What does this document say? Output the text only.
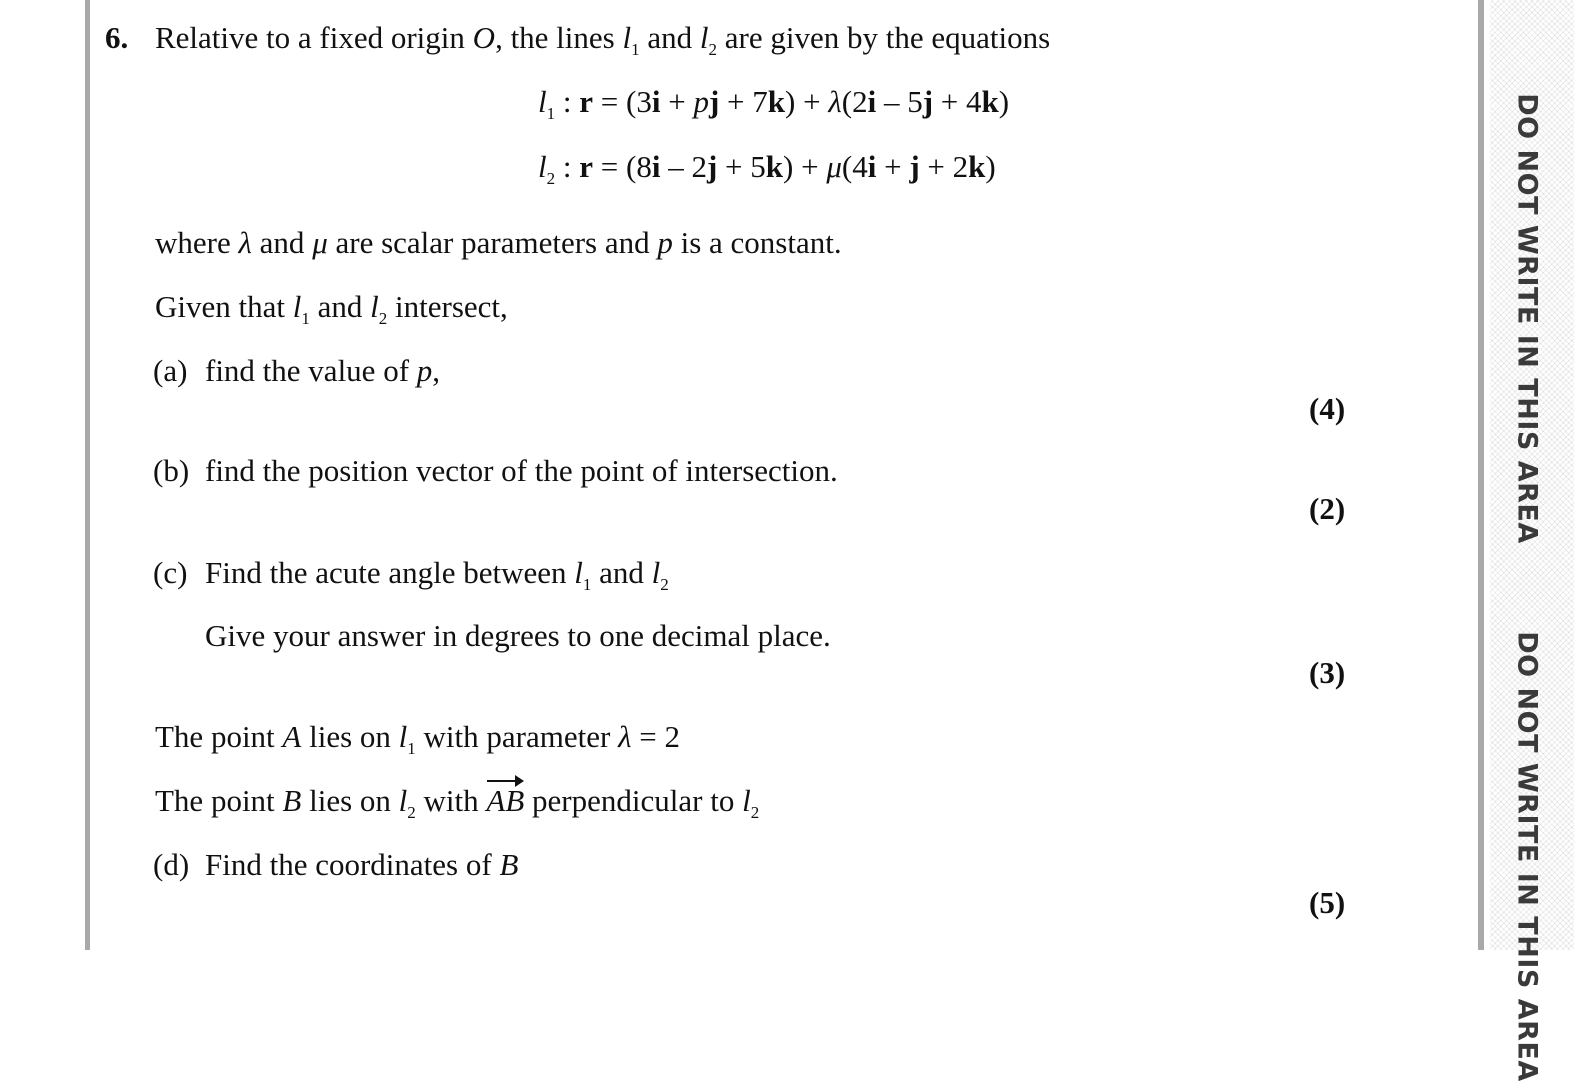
DO NOT WRITE IN THIS AREA
DO NOT WRITE IN THIS AREA
6. Relative to a fixed origin O, the lines $l_1$ and $l_2$ are given by the equations
$l_1$ : r = (3i + pj + 7k) + λ(2i – 5j + 4k)
$l_2$ : r = (8i – 2j + 5k) + μ(4i + j + 2k)
where λ and μ are scalar parameters and p is a constant.
Given that $l_1$ and $l_2$ intersect,
(a) find the value of p,
(4)
(b) find the position vector of the point of intersection.
(2)
(c) Find the acute angle between $l_1$ and $l_2$
Give your answer in degrees to one decimal place.
(3)
The point A lies on $l_1$ with parameter λ = 2
The point B lies on $l_2$ with AB perpendicular to $l_2$
(d) Find the coordinates of B
(5)
